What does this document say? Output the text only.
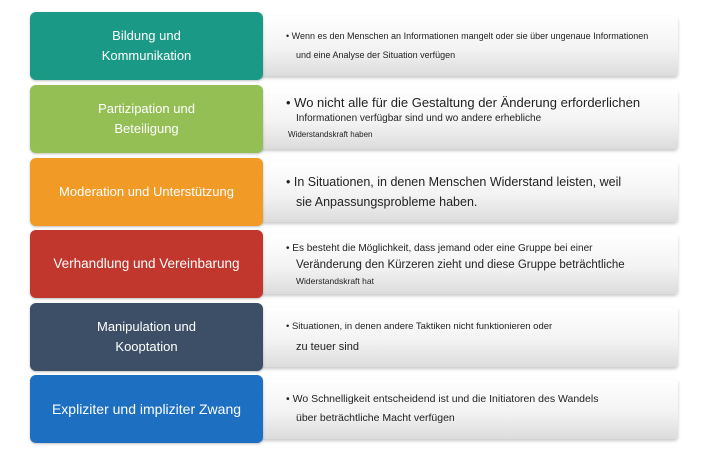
Bildung und
Kommunikation

• Wenn es den Menschen an Informationen mangelt oder sie über ungenaue Informationen
und eine Analyse der Situation verfügen

Partizipation und
Beteiligung

• Wo nicht alle für die Gestaltung der Änderung erforderlichen
Informationen verfügbar sind und wo andere erhebliche
Widerstandskraft haben

Moderation und Unterstützung

• In Situationen, in denen Menschen Widerstand leisten, weil
sie Anpassungsprobleme haben.

Verhandlung und Vereinbarung

• Es besteht die Möglichkeit, dass jemand oder eine Gruppe bei einer
Veränderung den Kürzeren zieht und diese Gruppe beträchtliche
Widerstandskraft hat

Manipulation und
Kooptation

• Situationen, in denen andere Taktiken nicht funktionieren oder
zu teuer sind

Expliziter und impliziter Zwang

• Wo Schnelligkeit entscheidend ist und die Initiatoren des Wandels
über beträchtliche Macht verfügen
